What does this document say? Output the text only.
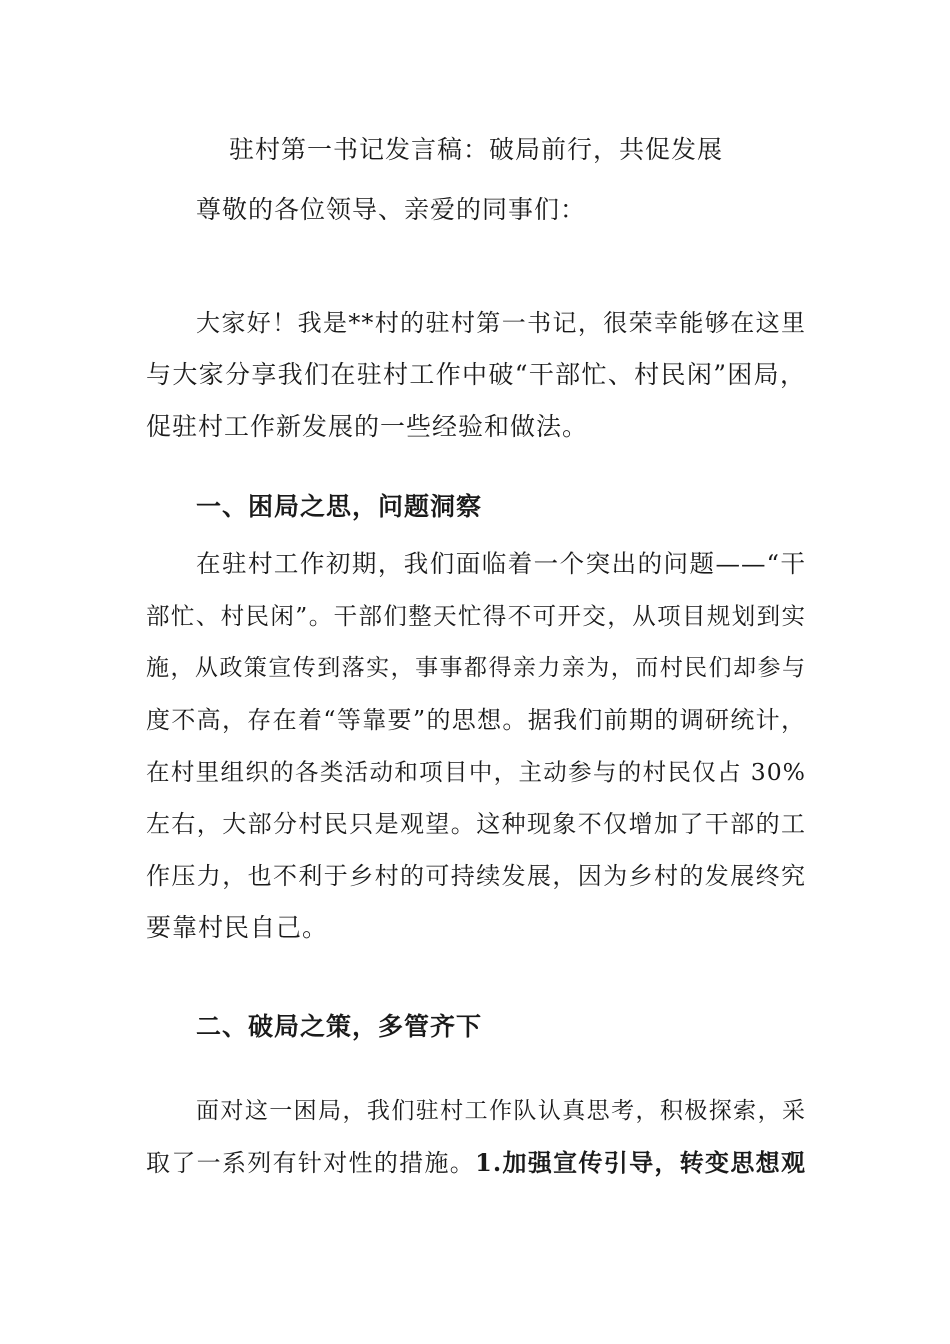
驻村第一书记发言稿：破局前行，共促发展
尊敬的各位领导、亲爱的同事们：
大家好！我是**村的驻村第一书记，很荣幸能够在这里
与大家分享我们在驻村工作中破“干部忙、村民闲”困局，
促驻村工作新发展的一些经验和做法。
一、困局之思，问题洞察
在驻村工作初期，我们面临着一个突出的问题——“干
部忙、村民闲”。干部们整天忙得不可开交，从项目规划到实
施，从政策宣传到落实，事事都得亲力亲为，而村民们却参与
度不高，存在着“等靠要”的思想。据我们前期的调研统计，
在村里组织的各类活动和项目中，主动参与的村民仅占 30%
左右，大部分村民只是观望。这种现象不仅增加了干部的工
作压力，也不利于乡村的可持续发展，因为乡村的发展终究
要靠村民自己。
二、破局之策，多管齐下
面对这一困局，我们驻村工作队认真思考，积极探索，采
取了一系列有针对性的措施。1.加强宣传引导，转变思想观
